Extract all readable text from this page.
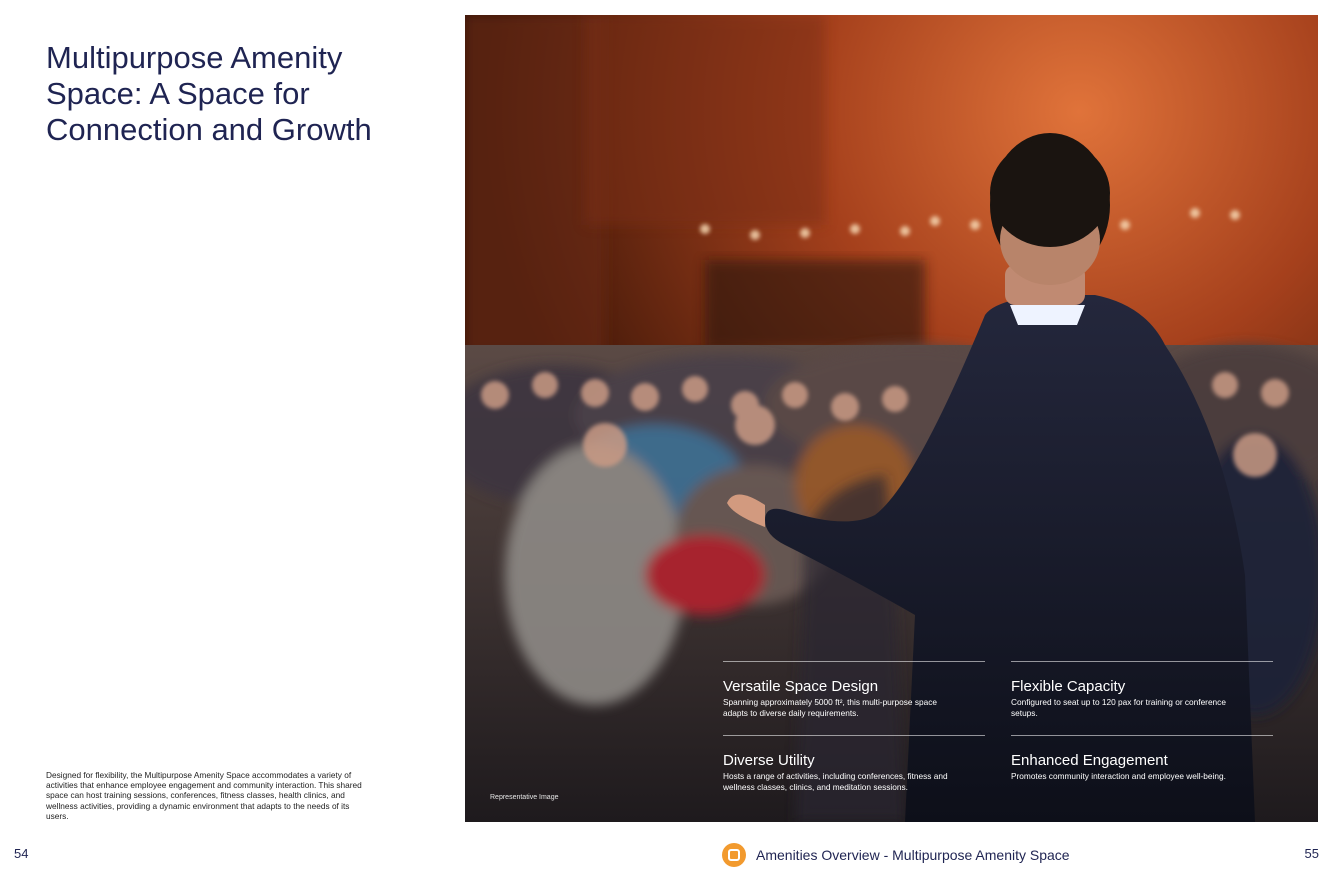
Multipurpose Amenity
Space: A Space for
Connection and Growth
Designed for flexibility, the Multipurpose Amenity Space accommodates a variety of activities that enhance employee engagement and community interaction. This shared space can host training sessions, conferences, fitness classes, health clinics, and wellness activities, providing a dynamic environment that adapts to the needs of its users.
54
Representative Image
Versatile Space Design

Spanning approximately 5000 ft², this multi-purpose space adapts to diverse daily requirements.

Flexible Capacity

Configured to seat up to 120 pax for training or conference setups.

Diverse Utility

Hosts a range of activities, including conferences, fitness and wellness classes, clinics, and meditation sessions.

Enhanced Engagement

Promotes community interaction and employee well-being.

Amenities Overview - Multipurpose Amenity Space	55
